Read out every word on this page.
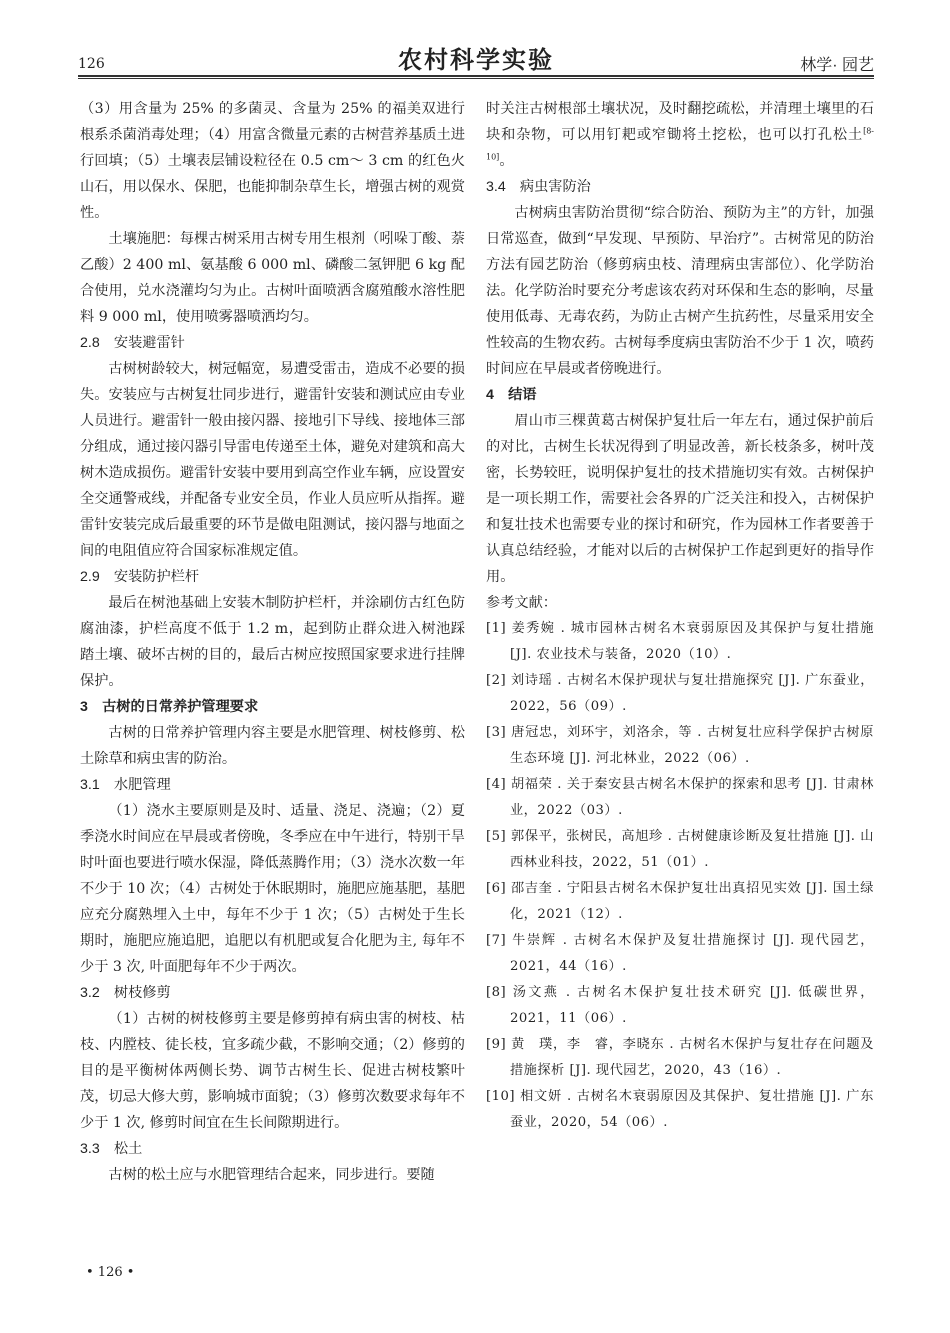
126	农村科学实验	林学· 园艺

（3）用含量为 25% 的多菌灵、含量为 25% 的福美双进行根系杀菌消毒处理；（4）用富含微量元素的古树营养基质土进行回填；（5）土壤表层铺设粒径在 0.5 cm～ 3 cm 的红色火山石，用以保水、保肥，也能抑制杂草生长，增强古树的观赏性。

土壤施肥：每棵古树采用古树专用生根剂（吲哚丁酸、萘乙酸）2 400 ml、氨基酸 6 000 ml、磷酸二氢钾肥 6 kg 配合使用，兑水浇灌均匀为止。古树叶面喷洒含腐殖酸水溶性肥料 9 000 ml，使用喷雾器喷洒均匀。

2.8　安装避雷针

古树树龄较大，树冠幅宽，易遭受雷击，造成不必要的损失。安装应与古树复壮同步进行，避雷针安装和测试应由专业人员进行。避雷针一般由接闪器、接地引下导线、接地体三部分组成，通过接闪器引导雷电传递至土体，避免对建筑和高大树木造成损伤。避雷针安装中要用到高空作业车辆，应设置安全交通警戒线，并配备专业安全员，作业人员应听从指挥。避雷针安装完成后最重要的环节是做电阻测试，接闪器与地面之间的电阻值应符合国家标准规定值。

2.9　安装防护栏杆

最后在树池基础上安装木制防护栏杆，并涂刷仿古红色防腐油漆，护栏高度不低于 1.2 m，起到防止群众进入树池踩踏土壤、破坏古树的目的，最后古树应按照国家要求进行挂牌保护。

3　古树的日常养护管理要求

古树的日常养护管理内容主要是水肥管理、树枝修剪、松土除草和病虫害的防治。

3.1　水肥管理

（1）浇水主要原则是及时、适量、浇足、浇遍；（2）夏季浇水时间应在早晨或者傍晚，冬季应在中午进行，特别干旱时叶面也要进行喷水保湿，降低蒸腾作用；（3）浇水次数一年不少于 10 次；（4）古树处于休眠期时，施肥应施基肥，基肥应充分腐熟埋入土中，每年不少于 1 次；（5）古树处于生长期时，施肥应施追肥，追肥以有机肥或复合化肥为主, 每年不少于 3 次, 叶面肥每年不少于两次。

3.2　树枝修剪

（1）古树的树枝修剪主要是修剪掉有病虫害的树枝、枯枝、内膛枝、徒长枝，宜多疏少截，不影响交通；（2）修剪的目的是平衡树体两侧长势、调节古树生长、促进古树枝繁叶茂，切忌大修大剪，影响城市面貌；（3）修剪次数要求每年不少于 1 次, 修剪时间宜在生长间隙期进行。

3.3　松土

古树的松土应与水肥管理结合起来，同步进行。要随

时关注古树根部土壤状况，及时翻挖疏松，并清理土壤里的石块和杂物，可以用钉耙或窄锄将土挖松，也可以打孔松土[8-10]。

3.4　病虫害防治

古树病虫害防治贯彻“综合防治、预防为主”的方针，加强日常巡查，做到“早发现、早预防、早治疗”。古树常见的防治方法有园艺防治（修剪病虫枝、清理病虫害部位）、化学防治法。化学防治时要充分考虑该农药对环保和生态的影响，尽量使用低毒、无毒农药，为防止古树产生抗药性，尽量采用安全性较高的生物农药。古树每季度病虫害防治不少于 1 次，喷药时间应在早晨或者傍晚进行。

4　结语

眉山市三棵黄葛古树保护复壮后一年左右，通过保护前后的对比，古树生长状况得到了明显改善，新长枝条多，树叶茂密，长势较旺，说明保护复壮的技术措施切实有效。古树保护是一项长期工作，需要社会各界的广泛关注和投入，古树保护和复壮技术也需要专业的探讨和研究，作为园林工作者要善于认真总结经验，才能对以后的古树保护工作起到更好的指导作用。

参考文献：

[1] 姜秀婉 . 城市园林古树名木衰弱原因及其保护与复壮措施 [J]. 农业技术与装备，2020（10）.

[2] 刘诗瑶 . 古树名木保护现状与复壮措施探究 [J]. 广东蚕业，2022，56（09）.

[3] 唐冠忠，刘环宇，刘洛余，等 . 古树复壮应科学保护古树原生态环境 [J]. 河北林业，2022（06）.

[4] 胡福荣 . 关于秦安县古树名木保护的探索和思考 [J]. 甘肃林业，2022（03）.

[5] 郭保平，张树民，高旭珍 . 古树健康诊断及复壮措施 [J]. 山西林业科技，2022，51（01）.

[6] 邵吉奎 . 宁阳县古树名木保护复壮出真招见实效 [J]. 国土绿化，2021（12）.

[7] 牛崇辉 . 古树名木保护及复壮措施探讨 [J]. 现代园艺，2021，44（16）.

[8] 汤文燕 . 古树名木保护复壮技术研究 [J]. 低碳世界，2021，11（06）.

[9] 黄　璞，李　睿，李晓东 . 古树名木保护与复壮存在问题及措施探析 [J]. 现代园艺，2020，43（16）.

[10] 相文妍 . 古树名木衰弱原因及其保护、复壮措施 [J]. 广东蚕业，2020，54（06）.

• 126 •
